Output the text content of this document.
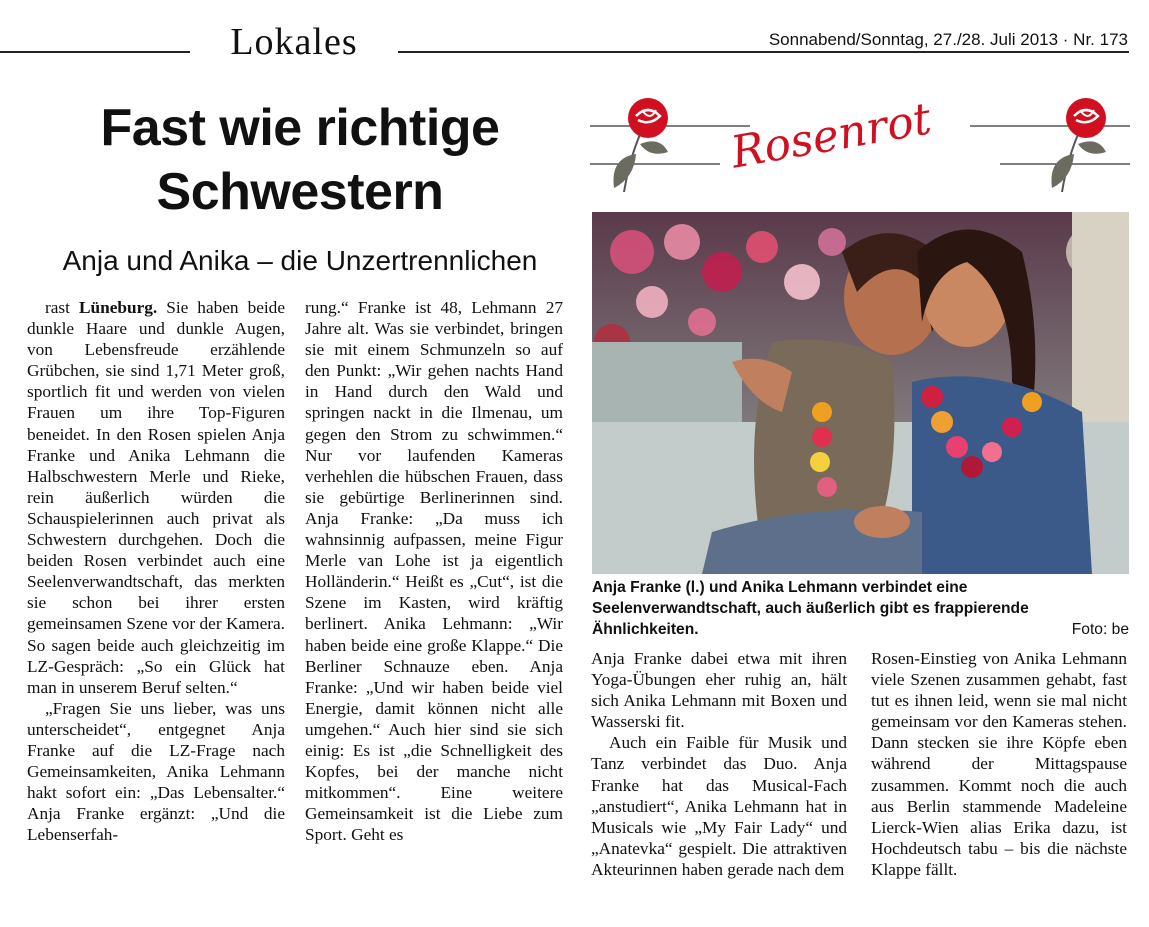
Lokales	Sonnabend/Sonntag, 27./28. Juli 2013 · Nr. 173
Fast wie richtige
Schwestern
Anja und Anika – die Unzertrennlichen

rast Lüneburg. Sie haben beide dunkle Haare und dunkle Augen, von Lebensfreude erzählende Grübchen, sie sind 1,71 Meter groß, sportlich fit und werden von vielen Frauen um ihre Top-Figuren beneidet. In den Rosen spielen Anja Franke und Anika Lehmann die Halbschwestern Merle und Rieke, rein äußerlich würden die Schauspielerinnen auch privat als Schwestern durchgehen. Doch die beiden Rosen verbindet auch eine Seelenverwandtschaft, das merkten sie schon bei ihrer ersten gemeinsamen Szene vor der Kamera. So sagen beide auch gleichzeitig im LZ-Gespräch: „So ein Glück hat man in unserem Beruf selten.“

„Fragen Sie uns lieber, was uns unterscheidet“, entgegnet Anja Franke auf die LZ-Frage nach Gemeinsamkeiten, Anika Lehmann hakt sofort ein: „Das Lebensalter.“ Anja Franke ergänzt: „Und die Lebenserfah-

rung.“ Franke ist 48, Lehmann 27 Jahre alt. Was sie verbindet, bringen sie mit einem Schmunzeln so auf den Punkt: „Wir gehen nachts Hand in Hand durch den Wald und springen nackt in die Ilmenau, um gegen den Strom zu schwimmen.“ Nur vor laufenden Kameras verhehlen die hübschen Frauen, dass sie gebürtige Berlinerinnen sind. Anja Franke: „Da muss ich wahnsinnig aufpassen, meine Figur Merle van Lohe ist ja eigentlich Holländerin.“ Heißt es „Cut“, ist die Szene im Kasten, wird kräftig berlinert. Anika Lehmann: „Wir haben beide eine große Klappe.“ Die Berliner Schnauze eben. Anja Franke: „Und wir haben beide viel Energie, damit können nicht alle umgehen.“ Auch hier sind sie sich einig: Es ist „die Schnelligkeit des Kopfes, bei der manche nicht mitkommen“. Eine weitere Gemeinsamkeit ist die Liebe zum Sport. Geht es

Rosenrot
Anja Franke (l.) und Anika Lehmann verbindet eine Seelenverwandtschaft, auch äußerlich gibt es frappierende Ähnlichkeiten.	Foto: be

Anja Franke dabei etwa mit ihren Yoga-Übungen eher ruhig an, hält sich Anika Lehmann mit Boxen und Wasserski fit.

Auch ein Faible für Musik und Tanz verbindet das Duo. Anja Franke hat das Musical-Fach „anstudiert“, Anika Lehmann hat in Musicals wie „My Fair Lady“ und „Anatevka“ gespielt. Die attraktiven Akteurinnen haben gerade nach dem

Rosen-Einstieg von Anika Lehmann viele Szenen zusammen gehabt, fast tut es ihnen leid, wenn sie mal nicht gemeinsam vor den Kameras stehen. Dann stecken sie ihre Köpfe eben während der Mittagspause zusammen. Kommt noch die auch aus Berlin stammende Madeleine Lierck-Wien alias Erika dazu, ist Hochdeutsch tabu – bis die nächste Klappe fällt.
